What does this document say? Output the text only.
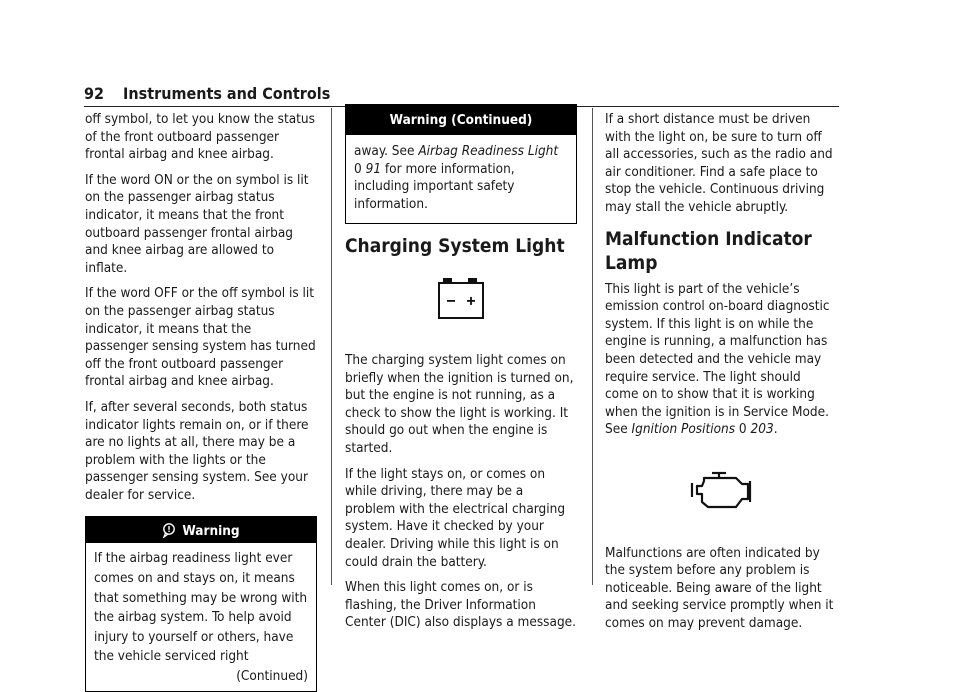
92 Instruments and Controls

off symbol, to let you know the status of the front outboard passenger frontal airbag and knee airbag.

If the word ON or the on symbol is lit on the passenger airbag status indicator, it means that the front outboard passenger frontal airbag and knee airbag are allowed to inflate.

If the word OFF or the off symbol is lit on the passenger airbag status indicator, it means that the passenger sensing system has turned off the front outboard passenger frontal airbag and knee airbag.

If, after several seconds, both status indicator lights remain on, or if there are no lights at all, there may be a problem with the lights or the passenger sensing system. See your dealer for service.

Warning
If the airbag readiness light ever comes on and stays on, it means that something may be wrong with the airbag system. To help avoid injury to yourself or others, have the vehicle serviced right
(Continued)
Warning (Continued)
away. See Airbag Readiness Light 0 91 for more information, including important safety information.
Charging System Light

The charging system light comes on briefly when the ignition is turned on, but the engine is not running, as a check to show the light is working. It should go out when the engine is started.

If the light stays on, or comes on while driving, there may be a problem with the electrical charging system. Have it checked by your dealer. Driving while this light is on could drain the battery.

When this light comes on, or is flashing, the Driver Information Center (DIC) also displays a message.

If a short distance must be driven with the light on, be sure to turn off all accessories, such as the radio and air conditioner. Find a safe place to stop the vehicle. Continuous driving may stall the vehicle abruptly.

Malfunction Indicator Lamp

This light is part of the vehicle’s emission control on-board diagnostic system. If this light is on while the engine is running, a malfunction has been detected and the vehicle may require service. The light should come on to show that it is working when the ignition is in Service Mode. See Ignition Positions 0 203.

Malfunctions are often indicated by the system before any problem is noticeable. Being aware of the light and seeking service promptly when it comes on may prevent damage.
